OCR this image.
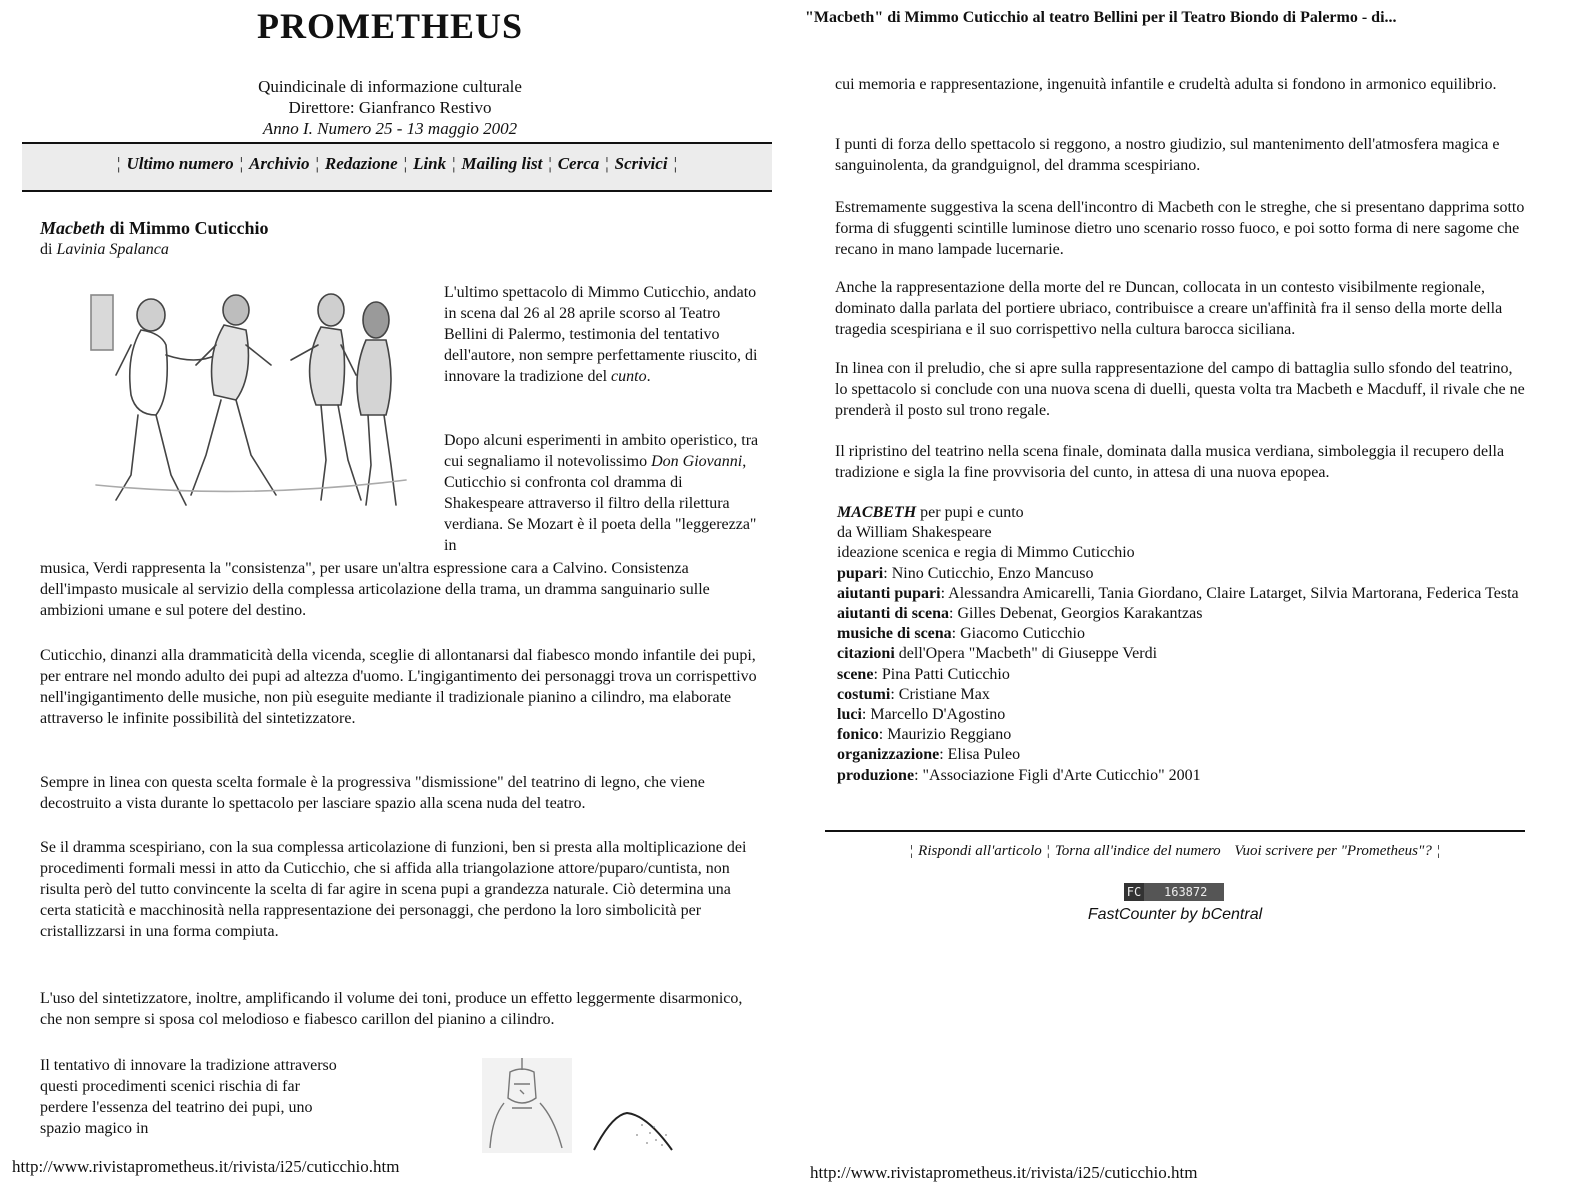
PROMETHEUS
Quindicinale di informazione culturale
Direttore: Gianfranco Restivo
Anno I. Numero 25 - 13 maggio 2002
¦ Ultimo numero ¦ Archivio ¦ Redazione ¦ Link ¦ Mailing list ¦ Cerca ¦ Scrivici ¦
Macbeth di Mimmo Cuticchio
di Lavinia Spalanca
L'ultimo spettacolo di Mimmo Cuticchio, andato in scena dal 26 al 28 aprile scorso al Teatro Bellini di Palermo, testimonia del tentativo dell'autore, non sempre perfettamente riuscito, di innovare la tradizione del cunto.
Dopo alcuni esperimenti in ambito operistico, tra cui segnaliamo il notevolissimo Don Giovanni, Cuticchio si confronta col dramma di Shakespeare attraverso il filtro della rilettura verdiana. Se Mozart è il poeta della "leggerezza" in
musica, Verdi rappresenta la "consistenza", per usare un'altra espressione cara a Calvino. Consistenza dell'impasto musicale al servizio della complessa articolazione della trama, un dramma sanguinario sulle ambizioni umane e sul potere del destino.
Cuticchio, dinanzi alla drammaticità della vicenda, sceglie di allontanarsi dal fiabesco mondo infantile dei pupi, per entrare nel mondo adulto dei pupi ad altezza d'uomo. L'ingigantimento dei personaggi trova un corrispettivo nell'ingigantimento delle musiche, non più eseguite mediante il tradizionale pianino a cilindro, ma elaborate attraverso le infinite possibilità del sintetizzatore.
Sempre in linea con questa scelta formale è la progressiva "dismissione" del teatrino di legno, che viene decostruito a vista durante lo spettacolo per lasciare spazio alla scena nuda del teatro.
Se il dramma scespiriano, con la sua complessa articolazione di funzioni, ben si presta alla moltiplicazione dei procedimenti formali messi in atto da Cuticchio, che si affida alla triangolazione attore/puparo/cuntista, non risulta però del tutto convincente la scelta di far agire in scena pupi a grandezza naturale. Ciò determina una certa staticità e macchinosità nella rappresentazione dei personaggi, che perdono la loro simbolicità per cristallizzarsi in una forma compiuta.
L'uso del sintetizzatore, inoltre, amplificando il volume dei toni, produce un effetto leggermente disarmonico, che non sempre si sposa col melodioso e fiabesco carillon del pianino a cilindro.
Il tentativo di innovare la tradizione attraverso questi procedimenti scenici rischia di far perdere l'essenza del teatrino dei pupi, uno spazio magico in
http://www.rivistaprometheus.it/rivista/i25/cuticchio.htm
"Macbeth" di Mimmo Cuticchio al teatro Bellini per il Teatro Biondo di Palermo - di...
cui memoria e rappresentazione, ingenuità infantile e crudeltà adulta si fondono in armonico equilibrio.
I punti di forza dello spettacolo si reggono, a nostro giudizio, sul mantenimento dell'atmosfera magica e sanguinolenta, da grandguignol, del dramma scespiriano.
Estremamente suggestiva la scena dell'incontro di Macbeth con le streghe, che si presentano dapprima sotto forma di sfuggenti scintille luminose dietro uno scenario rosso fuoco, e poi sotto forma di nere sagome che recano in mano lampade lucernarie.
Anche la rappresentazione della morte del re Duncan, collocata in un contesto visibilmente regionale, dominato dalla parlata del portiere ubriaco, contribuisce a creare un'affinità fra il senso della morte della tragedia scespiriana e il suo corrispettivo nella cultura barocca siciliana.
In linea con il preludio, che si apre sulla rappresentazione del campo di battaglia sullo sfondo del teatrino, lo spettacolo si conclude con una nuova scena di duelli, questa volta tra Macbeth e Macduff, il rivale che ne prenderà il posto sul trono regale.
Il ripristino del teatrino nella scena finale, dominata dalla musica verdiana, simboleggia il recupero della tradizione e sigla la fine provvisoria del cunto, in attesa di una nuova epopea.
MACBETH per pupi e cunto
da William Shakespeare
ideazione scenica e regia di Mimmo Cuticchio
pupari: Nino Cuticchio, Enzo Mancuso
aiutanti pupari: Alessandra Amicarelli, Tania Giordano, Claire Latarget, Silvia Martorana, Federica Testa
aiutanti di scena: Gilles Debenat, Georgios Karakantzas
musiche di scena: Giacomo Cuticchio
citazioni dell'Opera "Macbeth" di Giuseppe Verdi
scene: Pina Patti Cuticchio
costumi: Cristiane Max
luci: Marcello D'Agostino
fonico: Maurizio Reggiano
organizzazione: Elisa Puleo
produzione: "Associazione Figli d'Arte Cuticchio" 2001
¦ Rispondi all'articolo ¦ Torna all'indice del numero Vuoi scrivere per "Prometheus"? ¦
FC 163872
FastCounter by bCentral
http://www.rivistaprometheus.it/rivista/i25/cuticchio.htm
